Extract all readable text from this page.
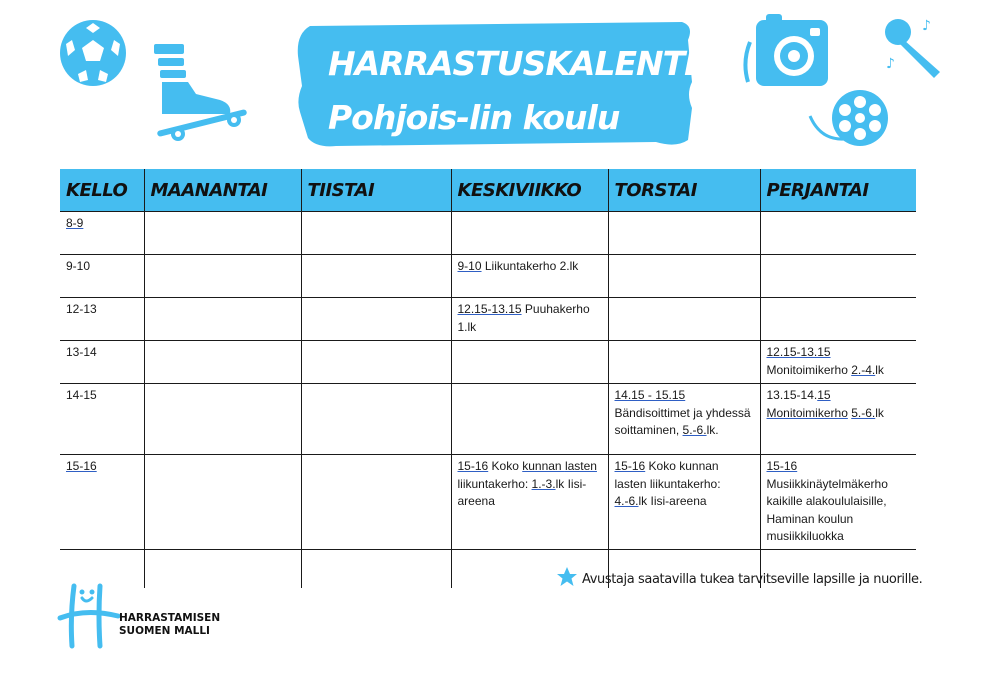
♪
♪
HARRASTUSKALENTERI
Pohjois-lin koulu
KELLO	MAANANTAI	TIISTAI	KESKIVIIKKO	TORSTAI	PERJANTAI
8-9					
9-10			9-10 Liikuntakerho 2.lk		
12-13			12.15-13.15 Puuhakerho 1.lk		
13-14					12.15-13.15
Monitoimikerho 2.-4.lk
14-15				14.15 - 15.15
Bändisoittimet ja yhdessä soittaminen, 5.-6.lk.	13.15-14.15
Monitoimikerho 5.-6.lk
15-16			15-16 Koko kunnan lasten liikuntakerho: 1.-3.lk Iisi-areena	15-16 Koko kunnan lasten liikuntakerho: 4.-6.lk Iisi-areena	15-16
Musiikkinäytelmäkerho kaikille alakoululaisille, Haminan koulun musiikkiluokka

Avustaja saatavilla tukea tarvitseville lapsille ja nuorille.
HARRASTAMISEN
SUOMEN MALLI
